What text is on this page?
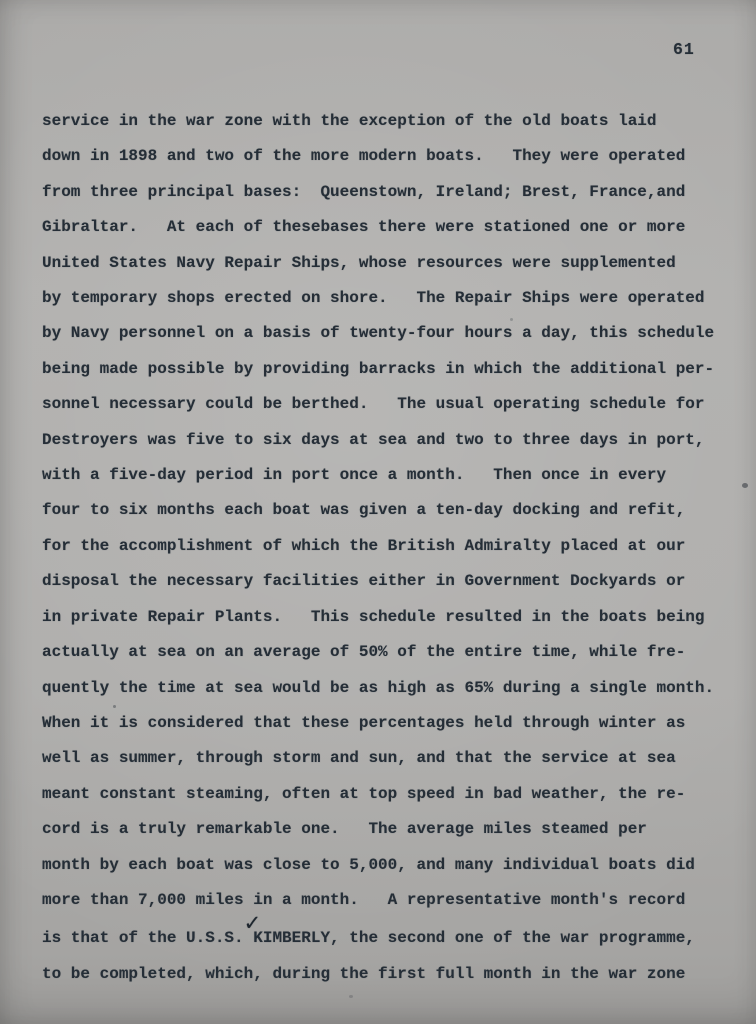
61
service in the war zone with the exception of the old boats laid
down in 1898 and two of the more modern boats.   They were operated
from three principal bases:  Queenstown, Ireland; Brest, France,and
Gibraltar.   At each of thesebases there were stationed one or more
United States Navy Repair Ships, whose resources were supplemented
by temporary shops erected on shore.   The Repair Ships were operated
by Navy personnel on a basis of twenty-four hours a day, this schedule
being made possible by providing barracks in which the additional per-
sonnel necessary could be berthed.   The usual operating schedule for
Destroyers was five to six days at sea and two to three days in port,
with a five-day period in port once a month.   Then once in every
four to six months each boat was given a ten-day docking and refit,
for the accomplishment of which the British Admiralty placed at our
disposal the necessary facilities either in Government Dockyards or
in private Repair Plants.   This schedule resulted in the boats being
actually at sea on an average of 50% of the entire time, while fre-
quently the time at sea would be as high as 65% during a single month.
When it is considered that these percentages held through winter as
well as summer, through storm and sun, and that the service at sea
meant constant steaming, often at top speed in bad weather, the re-
cord is a truly remarkable one.   The average miles steamed per
month by each boat was close to 5,000, and many individual boats did
more than 7,000 miles in a month.   A representative month's record
is that of the U.S.S.✓KIMBERLY, the second one of the war programme,
to be completed, which, during the first full month in the war zone
